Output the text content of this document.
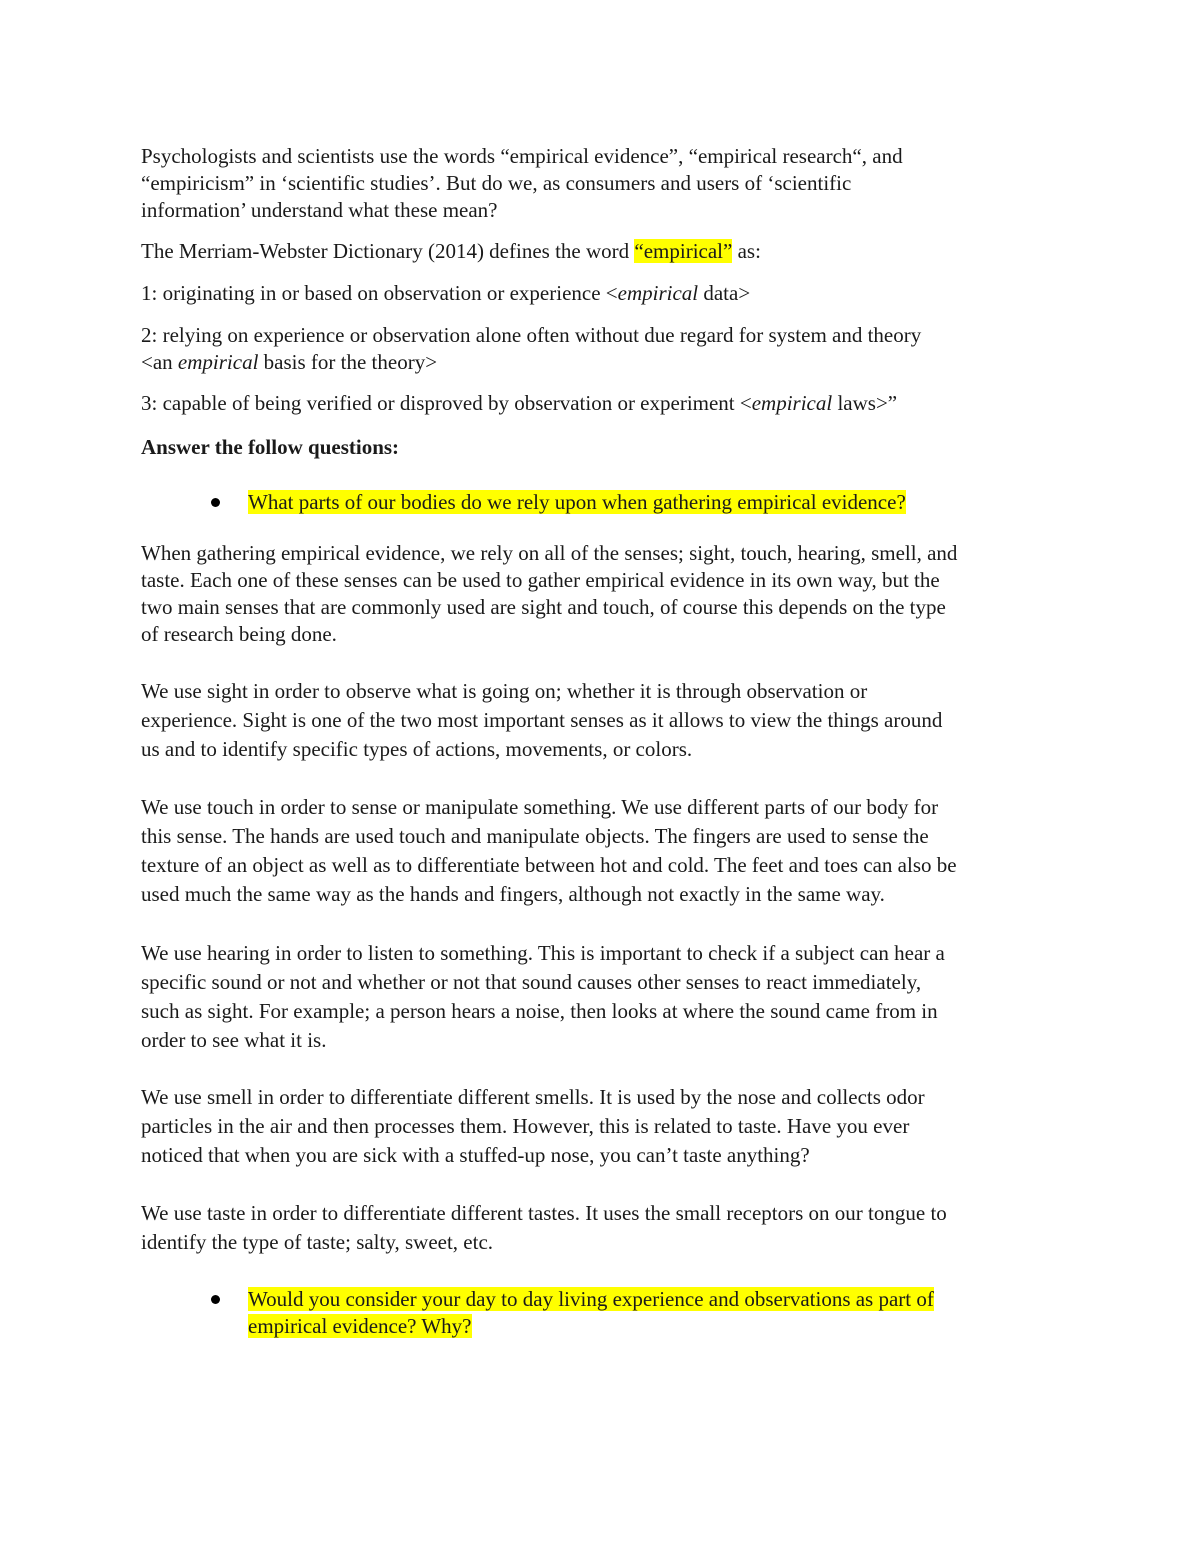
Psychologists and scientists use the words “empirical evidence”, “empirical research“, and
“empiricism” in ‘scientific studies’. But do we, as consumers and users of ‘scientific
information’ understand what these mean?
The Merriam-Webster Dictionary (2014) defines the word “empirical” as:
1: originating in or based on observation or experience <empirical data>
2: relying on experience or observation alone often without due regard for system and theory
<an empirical basis for the theory>
3: capable of being verified or disproved by observation or experiment <empirical laws>”
Answer the follow questions:
What parts of our bodies do we rely upon when gathering empirical evidence?
When gathering empirical evidence, we rely on all of the senses; sight, touch, hearing, smell, and
taste. Each one of these senses can be used to gather empirical evidence in its own way, but the
two main senses that are commonly used are sight and touch, of course this depends on the type
of research being done.
We use sight in order to observe what is going on; whether it is through observation or
experience. Sight is one of the two most important senses as it allows to view the things around
us and to identify specific types of actions, movements, or colors.
We use touch in order to sense or manipulate something. We use different parts of our body for
this sense. The hands are used touch and manipulate objects. The fingers are used to sense the
texture of an object as well as to differentiate between hot and cold. The feet and toes can also be
used much the same way as the hands and fingers, although not exactly in the same way.
We use hearing in order to listen to something. This is important to check if a subject can hear a
specific sound or not and whether or not that sound causes other senses to react immediately,
such as sight. For example; a person hears a noise, then looks at where the sound came from in
order to see what it is.
We use smell in order to differentiate different smells. It is used by the nose and collects odor
particles in the air and then processes them. However, this is related to taste. Have you ever
noticed that when you are sick with a stuffed-up nose, you can’t taste anything?
We use taste in order to differentiate different tastes. It uses the small receptors on our tongue to
identify the type of taste; salty, sweet, etc.
Would you consider your day to day living experience and observations as part of
empirical evidence? Why?
